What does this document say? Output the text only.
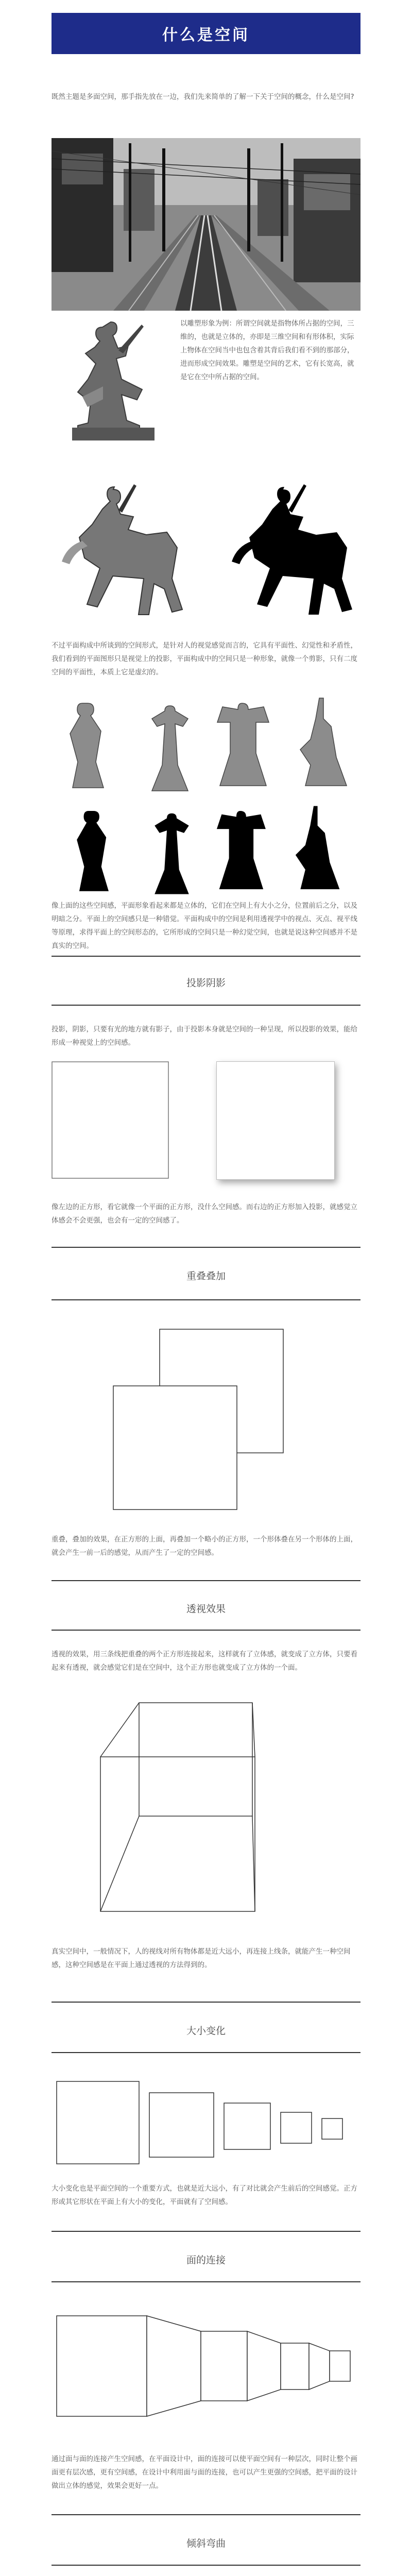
什么是空间

既然主题是多面空间，那手指先放在一边，我们先来简单的了解一下关于空间的概念，什么是空间?

以雕塑形象为例：所谓空间就是指物体所占据的空间，三维的，也就是立体的，亦即是三维空间和有形体积，实际上物体在空间当中也包含着其背后我们看不到的那部分，进而形成空间效果。雕塑是空间的艺术，它有长宽高，就是它在空中所占据的空间。

不过平面构成中所谈到的空间形式，是针对人的视觉感觉而言的，它具有平面性、幻觉性和矛盾性，我们看到的平面图形只是视觉上的投影，平面构成中的空间只是一种形象，就像一个剪影，只有二度空间的平面性，本质上它是虚幻的。

像上面的这些空间感，平面形象看起来都是立体的，它们在空间上有大小之分，位置前后之分，以及明暗之分。平面上的空间感只是一种错觉。平面构成中的空间是利用透视学中的视点、灭点、视平线等原理，求得平面上的空间形态的，它所形成的空间只是一种幻觉空间，也就是说这种空间感并不是真实的空间。

投影阴影

投影，阴影，只要有光的地方就有影子，由于投影本身就是空间的一种呈现，所以投影的效果，能给形成一种视觉上的空间感。

像左边的正方形，看它就像一个平面的正方形，没什么空间感。而右边的正方形加入投影，就感觉立体感会不会更强，也会有一定的空间感了。

重叠叠加

重叠，叠加的效果，在正方形的上面，再叠加一个略小的正方形，一个形体叠在另一个形体的上面，就会产生一前一后的感觉，从而产生了一定的空间感。

透视效果

透视的效果，用三条线把重叠的两个正方形连接起来，这样就有了立体感，就变成了立方体，只要看起来有透视，就会感觉它们是在空间中，这个正方形也就变成了立方体的一个面。

真实空间中，一般情况下，人的视线对所有物体都是近大远小，再连接上线条，就能产生一种空间感，这种空间感是在平面上通过透视的方法得到的。

大小变化

大小变化也是平面空间的一个重要方式，也就是近大远小，有了对比就会产生前后的空间感觉。正方形或其它形状在平面上有大小的变化，平面就有了空间感。

面的连接

通过面与面的连接产生空间感，在平面设计中，面的连接可以使平面空间有一种层次，同时让整个画面更有层次感，更有空间感，在设计中利用面与面的连接，也可以产生更强的空间感，把平面的设计做出立体的感觉，效果会更好一点。

倾斜弯曲
